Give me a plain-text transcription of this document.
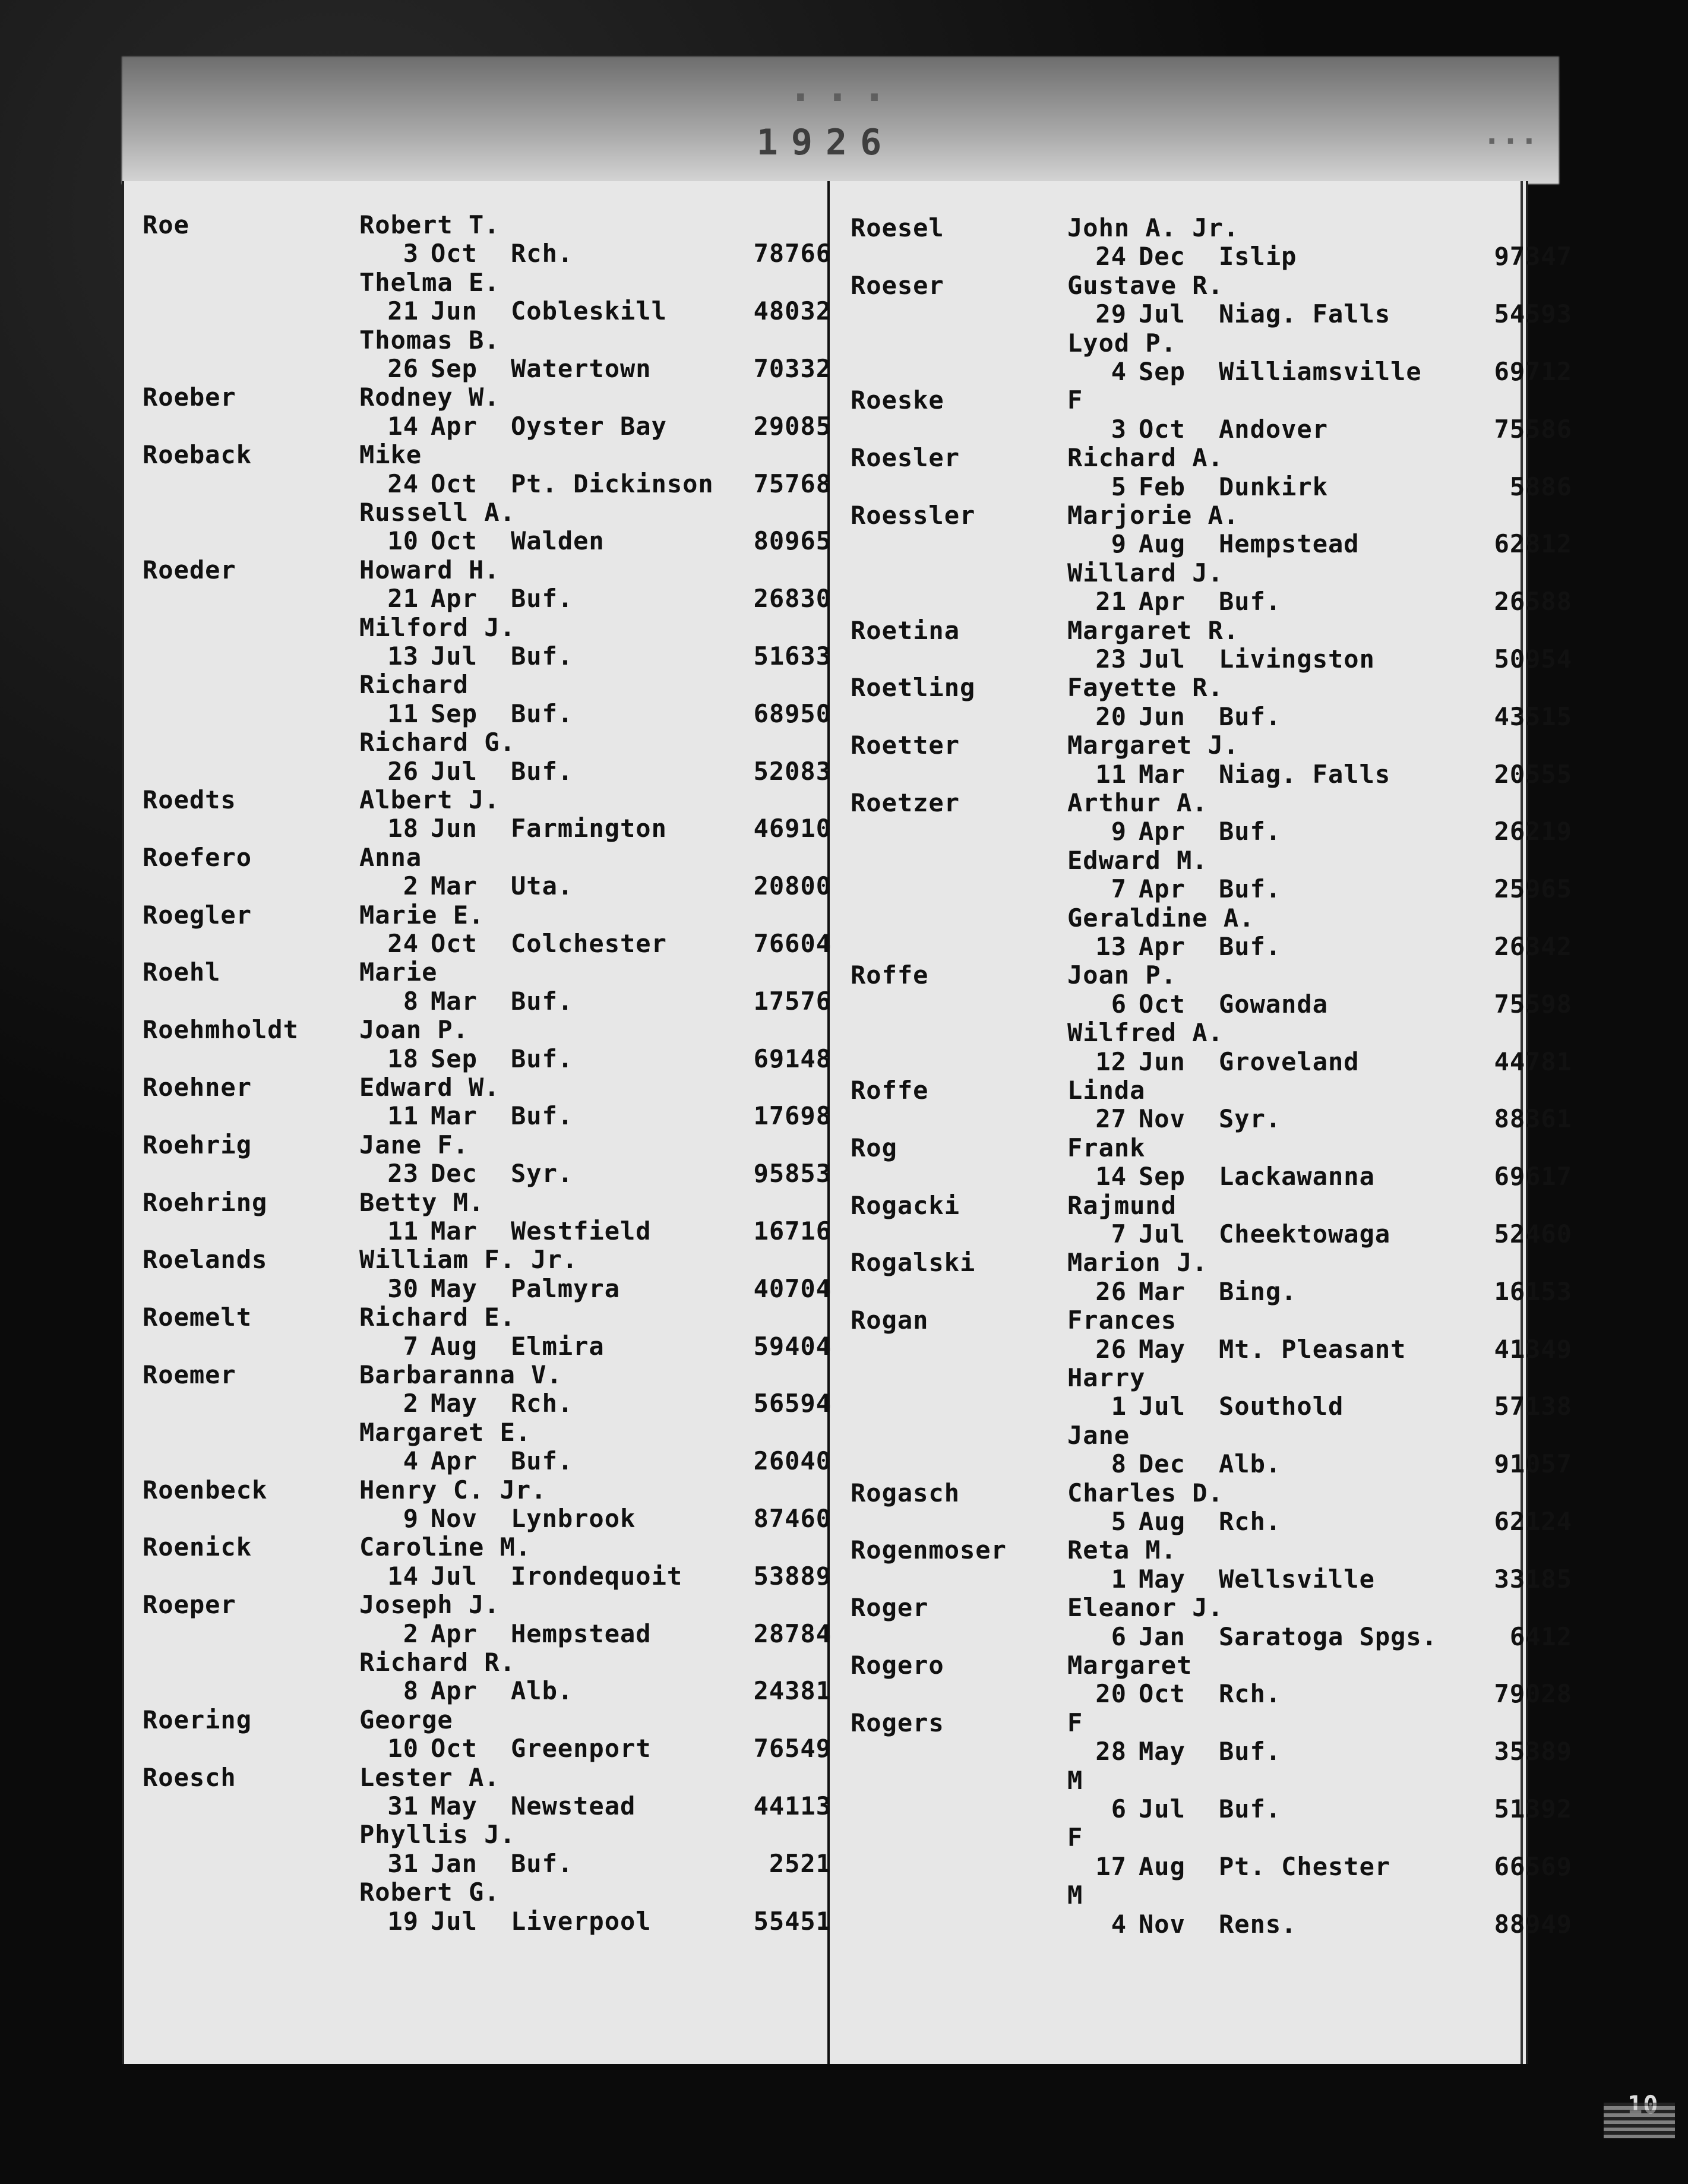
...
1926	...
Roe	Robert T.
3 Oct	Rch.	78766
Thelma E.
21 Jun	Cobleskill	48032
Thomas B.
26 Sep	Watertown	70332
Roeber	Rodney W.
14 Apr	Oyster Bay	29085
Roeback	Mike
24 Oct	Pt. Dickinson	75768
Russell A.
10 Oct	Walden	80965
Roeder	Howard H.
21 Apr	Buf.	26830
Milford J.
13 Jul	Buf.	51633
Richard
11 Sep	Buf.	68950
Richard G.
26 Jul	Buf.	52083
Roedts	Albert J.
18 Jun	Farmington	46910
Roefero	Anna
2 Mar	Uta.	20800
Roegler	Marie E.
24 Oct	Colchester	76604
Roehl	Marie
8 Mar	Buf.	17576
Roehmholdt	Joan P.
18 Sep	Buf.	69148
Roehner	Edward W.
11 Mar	Buf.	17698
Roehrig	Jane F.
23 Dec	Syr.	95853
Roehring	Betty M.
11 Mar	Westfield	16716
Roelands	William F. Jr.
30 May	Palmyra	40704
Roemelt	Richard E.
7 Aug	Elmira	59404
Roemer	Barbaranna V.
2 May	Rch.	56594
Margaret E.
4 Apr	Buf.	26040
Roenbeck	Henry C. Jr.
9 Nov	Lynbrook	87460
Roenick	Caroline M.
14 Jul	Irondequoit	53889
Roeper	Joseph J.
2 Apr	Hempstead	28784
Richard R.
8 Apr	Alb.	24381
Roering	George
10 Oct	Greenport	76549
Roesch	Lester A.
31 May	Newstead	44113
Phyllis J.
31 Jan	Buf.	2521
Robert G.
19 Jul	Liverpool	55451
Roesel	John A. Jr.
24 Dec	Islip	97347
Roeser	Gustave R.
29 Jul	Niag. Falls	54593
Lyod P.
4 Sep	Williamsville	69712
Roeske	F
3 Oct	Andover	75586
Roesler	Richard A.
5 Feb	Dunkirk	5886
Roessler	Marjorie A.
9 Aug	Hempstead	62812
Willard J.
21 Apr	Buf.	26588
Roetina	Margaret R.
23 Jul	Livingston	50954
Roetling	Fayette R.
20 Jun	Buf.	43515
Roetter	Margaret J.
11 Mar	Niag. Falls	20555
Roetzer	Arthur A.
9 Apr	Buf.	26219
Edward M.
7 Apr	Buf.	25965
Geraldine A.
13 Apr	Buf.	26342
Roffe	Joan P.
6 Oct	Gowanda	75598
Wilfred A.
12 Jun	Groveland	44781
Roffe	Linda
27 Nov	Syr.	88361
Rog	Frank
14 Sep	Lackawanna	69617
Rogacki	Rajmund
7 Jul	Cheektowaga	52460
Rogalski	Marion J.
26 Mar	Bing.	16153
Rogan	Frances
26 May	Mt. Pleasant	41349
Harry
1 Jul	Southold	57138
Jane
8 Dec	Alb.	91057
Rogasch	Charles D.
5 Aug	Rch.	62124
Rogenmoser	Reta M.
1 May	Wellsville	33185
Roger	Eleanor J.
6 Jan	Saratoga Spgs.	6412
Rogero	Margaret
20 Oct	Rch.	79028
Rogers	F
28 May	Buf.	35389
M
6 Jul	Buf.	51392
F
17 Aug	Pt. Chester	66569
M
4 Nov	Rens.	88949
